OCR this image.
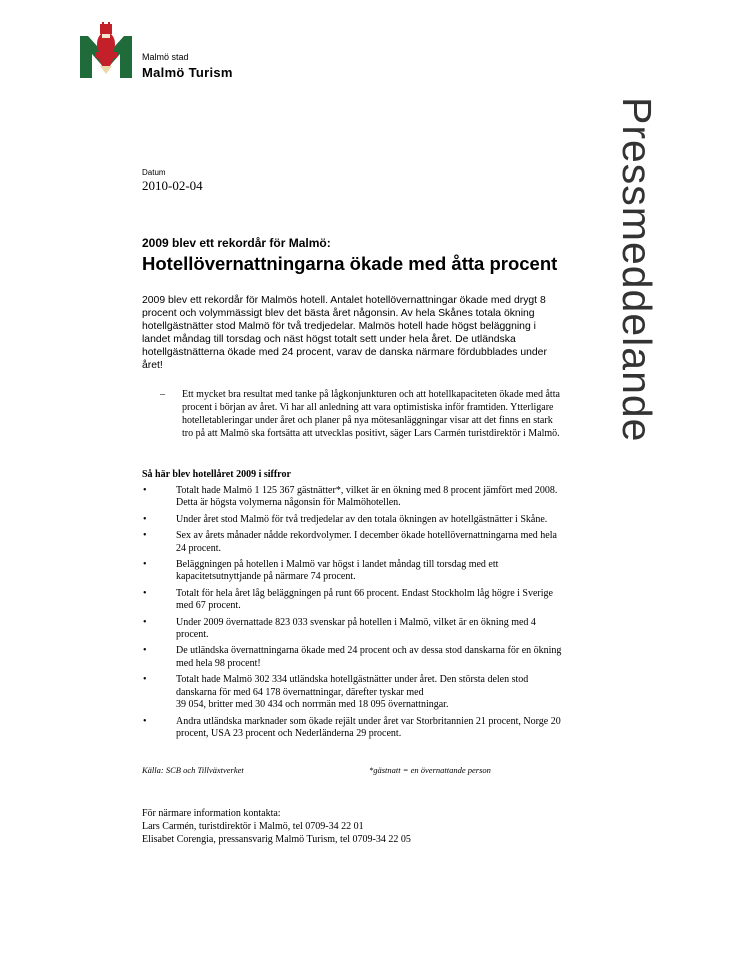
Malmö stad
Malmö Turism
Pressmeddelande
Datum
2010-02-04
2009 blev ett rekordår för Malmö:
Hotellövernattningarna ökade med åtta procent
2009 blev ett rekordår för Malmös hotell. Antalet hotellövernattningar ökade med drygt 8 procent och volymmässigt blev det bästa året någonsin. Av hela Skånes totala ökning hotellgästnätter stod Malmö för två tredjedelar. Malmös hotell hade högst beläggning i landet måndag till torsdag och näst högst totalt sett under hela året. De utländska hotellgästnätterna ökade med 24 procent, varav de danska närmare fördubblades under året!
– Ett mycket bra resultat med tanke på lågkonjunkturen och att hotellkapaciteten ökade med åtta procent i början av året. Vi har all anledning att vara optimistiska inför framtiden. Ytterligare hotelletableringar under året och planer på nya mötesanläggningar visar att det finns en stark tro på att Malmö ska fortsätta att utvecklas positivt, säger Lars Carmén turistdirektör i Malmö.
Så här blev hotellåret 2009 i siffror
•	Totalt hade Malmö 1 125 367 gästnätter*, vilket är en ökning med 8 procent jämfört med 2008. Detta är högsta volymerna någonsin för Malmöhotellen.
•	Under året stod Malmö för två tredjedelar av den totala ökningen av hotellgästnätter i Skåne.
•	Sex av årets månader nådde rekordvolymer. I december ökade hotellövernattningarna med hela 24 procent.
•	Beläggningen på hotellen i Malmö var högst i landet måndag till torsdag med ett kapacitetsutnyttjande på närmare 74 procent.
•	Totalt för hela året låg beläggningen på runt 66 procent. Endast Stockholm låg högre i Sverige med 67 procent.
•	Under 2009 övernattade 823 033 svenskar på hotellen i Malmö, vilket är en ökning med 4 procent.
•	De utländska övernattningarna ökade med 24 procent och av dessa stod danskarna för en ökning med hela 98 procent!
•	Totalt hade Malmö 302 334 utländska hotellgästnätter under året. Den största delen stod danskarna för med 64 178 övernattningar, därefter tyskar med
39 054, britter med 30 434 och norrmän med 18 095 övernattningar.
•	Andra utländska marknader som ökade rejält under året var Storbritannien 21 procent, Norge 20 procent, USA 23 procent och Nederländerna 29 procent.
Källa: SCB och Tillväxtverket	*gästnatt = en övernattande person
För närmare information kontakta:
Lars Carmén, turistdirektör i Malmö, tel 0709-34 22 01
Elisabet Corengia, pressansvarig Malmö Turism, tel 0709-34 22 05
